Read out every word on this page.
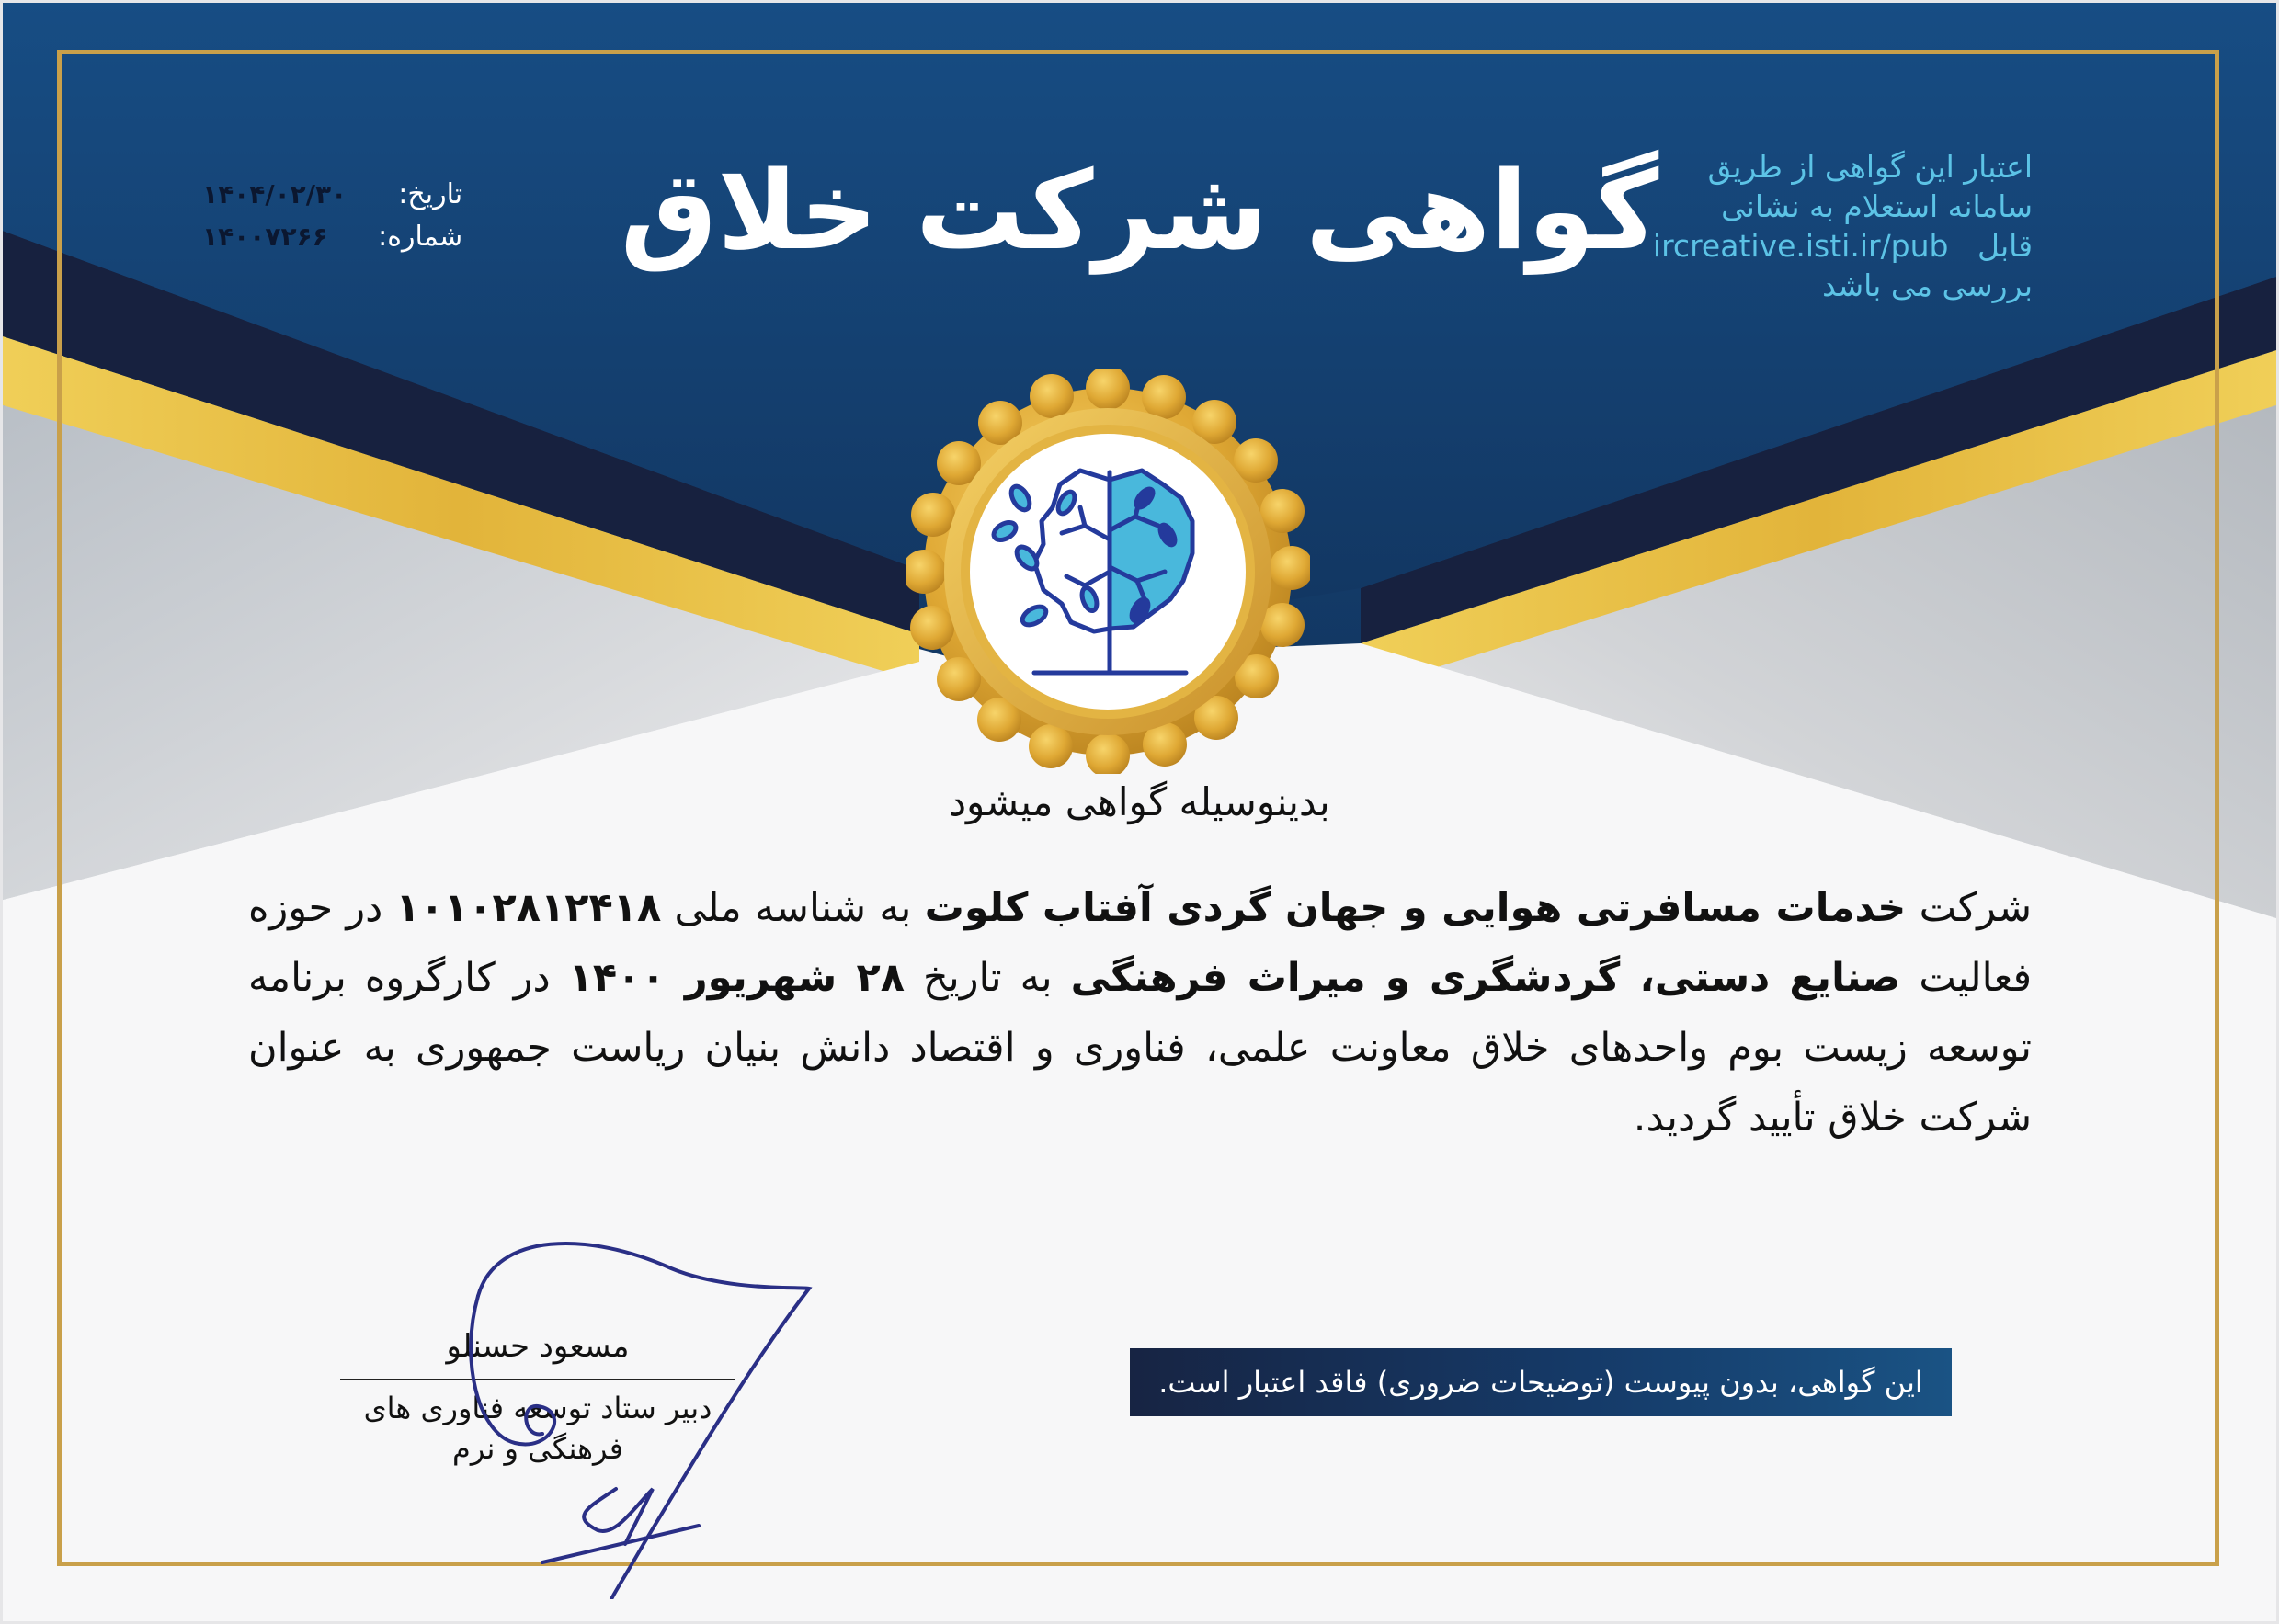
تاریخ:
شماره:
۱۴۰۴/۰۲/۳۰
۱۴۰۰۷۲۶۶	گواهی شرکت خلاق	اعتبار این گواهی از طریق
سامانه استعلام به نشانی
قابل   ircreative.isti.ir/pub
بررسی می باشد
بدینوسیله گواهی میشود
شرکت خدمات مسافرتی هوایی و جهان گردی آفتاب کلوت به شناسه ملی ۱۰۱۰۲۸۱۲۴۱۸ در حوزه فعالیت صنایع دستی، گردشگری و میراث فرهنگی به تاریخ ۲۸ شهریور ۱۴۰۰ در کارگروه برنامه توسعه زیست بوم واحدهای خلاق معاونت علمی، فناوری و اقتصاد دانش بنیان ریاست جمهوری به عنوان شرکت خلاق تأیید گردید.
مسعود حسنلو
دبیر ستاد توسعه فناوری های
فرهنگی و نرم
این گواهی، بدون پیوست (توضیحات ضروری) فاقد اعتبار است.
